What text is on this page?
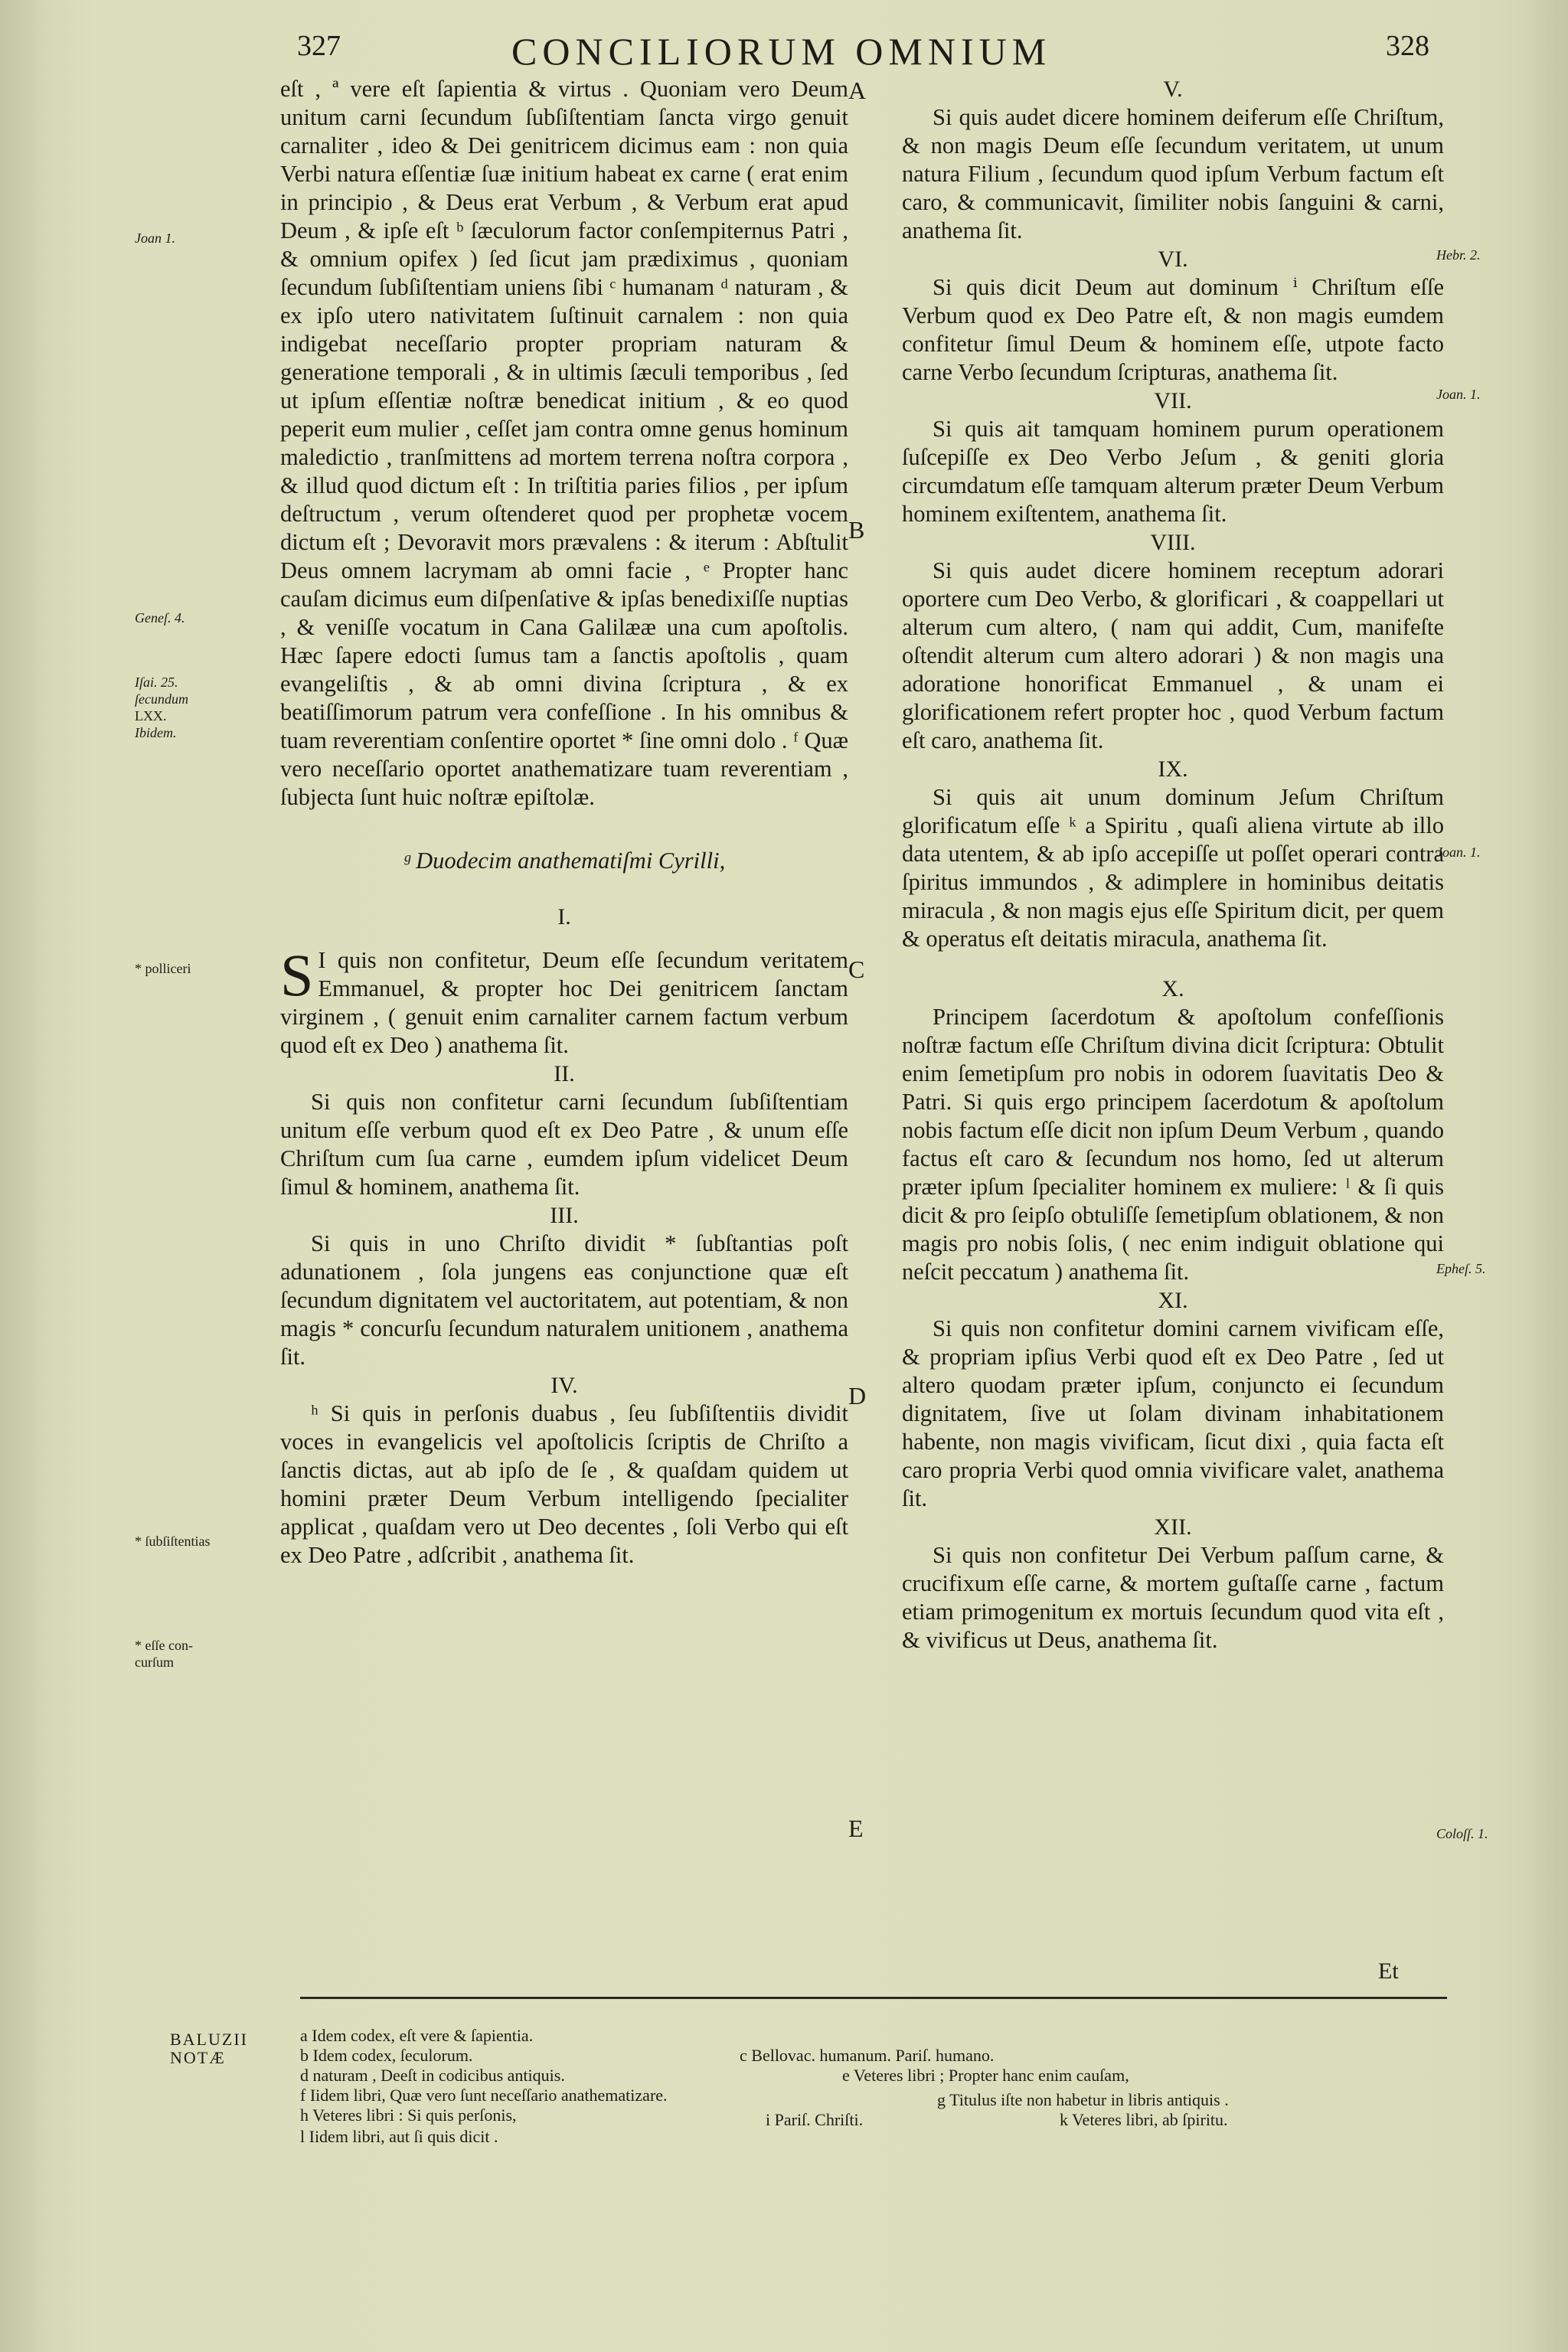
327	CONCILIORUM OMNIUM	328

eſt , ª vere eſt ſapientia & virtus . Quoniam vero Deum unitum carni ſecundum ſubſiſtentiam ſancta virgo genuit carnaliter , ideo & Dei genitricem dicimus eam : non quia Verbi natura eſſentiæ ſuæ initium habeat ex carne ( erat enim in principio , & Deus erat Verbum , & Verbum erat apud Deum , & ipſe eſt ᵇ ſæculorum factor conſempiternus Patri , & omnium opifex ) ſed ſicut jam prædiximus , quoniam ſecundum ſubſiſtentiam uniens ſibi ᶜ humanam ᵈ naturam , & ex ipſo utero nativitatem ſuſtinuit carnalem : non quia indigebat neceſſario propter propriam naturam & generatione temporali , & in ultimis ſæculi temporibus , ſed ut ipſum eſſentiæ noſtræ benedicat initium , & eo quod peperit eum mulier , ceſſet jam contra omne genus hominum maledictio , tranſmittens ad mortem terrena noſtra corpora , & illud quod dictum eſt : In triſtitia paries filios , per ipſum deſtructum , verum oſtenderet quod per prophetæ vocem dictum eſt ; Devoravit mors prævalens : & iterum : Abſtulit Deus omnem lacrymam ab omni facie , ᵉ Propter hanc cauſam dicimus eum diſpenſative & ipſas benedixiſſe nuptias , & veniſſe vocatum in Cana Galilææ una cum apoſtolis. Hæc ſapere edocti ſumus tam a ſanctis apoſtolis , quam evangeliſtis , & ab omni divina ſcriptura , & ex beatiſſimorum patrum vera confeſſione . In his omnibus & tuam reverentiam conſentire oportet * ſine omni dolo . ᶠ Quæ vero neceſſario oportet anathematizare tuam reverentiam , ſubjecta ſunt huic noſtræ epiſtolæ.

ᵍ Duodecim anathematiſmi Cyrilli,

I.

S I quis non confitetur, Deum eſſe ſecundum veritatem Emmanuel, & propter hoc Dei genitricem ſanctam virginem , ( genuit enim carnaliter carnem factum verbum quod eſt ex Deo ) anathema ſit.

II.

Si quis non confitetur carni ſecundum ſubſiſtentiam unitum eſſe verbum quod eſt ex Deo Patre , & unum eſſe Chriſtum cum ſua carne , eumdem ipſum videlicet Deum ſimul & hominem, anathema ſit.

III.

Si quis in uno Chriſto dividit * ſubſtantias poſt adunationem , ſola jungens eas conjunctione quæ eſt ſecundum dignitatem vel auctoritatem, aut potentiam, & non magis * concurſu ſecundum naturalem unitionem , anathema ſit.

IV.

ʰ Si quis in perſonis duabus , ſeu ſubſiſtentiis dividit voces in evangelicis vel apoſtolicis ſcriptis de Chriſto a ſanctis dictas, aut ab ipſo de ſe , & quaſdam quidem ut homini præter Deum Verbum intelligendo ſpecialiter applicat , quaſdam vero ut Deo decentes , ſoli Verbo qui eſt ex Deo Patre , adſcribit , anathema ſit.

V.

Si quis audet dicere hominem deiferum eſſe Chriſtum, & non magis Deum eſſe ſecundum veritatem, ut unum natura Filium , ſecundum quod ipſum Verbum factum eſt caro, & communicavit, ſimiliter nobis ſanguini & carni, anathema ſit.

VI.

Si quis dicit Deum aut dominum ⁱ Chriſtum eſſe Verbum quod ex Deo Patre eſt, & non magis eumdem confitetur ſimul Deum & hominem eſſe, utpote facto carne Verbo ſecundum ſcripturas, anathema ſit.

VII.

Si quis ait tamquam hominem purum operationem ſuſcepiſſe ex Deo Verbo Jeſum , & geniti gloria circumdatum eſſe tamquam alterum præter Deum Verbum hominem exiſtentem, anathema ſit.

VIII.

Si quis audet dicere hominem receptum adorari oportere cum Deo Verbo, & glorificari , & coappellari ut alterum cum altero, ( nam qui addit, Cum, manifeſte oſtendit alterum cum altero adorari ) & non magis una adoratione honorificat Emmanuel , & unam ei glorificationem refert propter hoc , quod Verbum factum eſt caro, anathema ſit.

IX.

Si quis ait unum dominum Jeſum Chriſtum glorificatum eſſe ᵏ a Spiritu , quaſi aliena virtute ab illo data utentem, & ab ipſo accepiſſe ut poſſet operari contra ſpiritus immundos , & adimplere in hominibus deitatis miracula , & non magis ejus eſſe Spiritum dicit, per quem & operatus eſt deitatis miracula, anathema ſit.

X.

Principem ſacerdotum & apoſtolum confeſſionis noſtræ factum eſſe Chriſtum divina dicit ſcriptura: Obtulit enim ſemetipſum pro nobis in odorem ſuavitatis Deo & Patri. Si quis ergo principem ſacerdotum & apoſtolum nobis factum eſſe dicit non ipſum Deum Verbum , quando factus eſt caro & ſecundum nos homo, ſed ut alterum præter ipſum ſpecialiter hominem ex muliere: ˡ & ſi quis dicit & pro ſeipſo obtuliſſe ſemetipſum oblationem, & non magis pro nobis ſolis, ( nec enim indiguit oblatione qui neſcit peccatum ) anathema ſit.

XI.

Si quis non confitetur domini carnem vivificam eſſe, & propriam ipſius Verbi quod eſt ex Deo Patre , ſed ut altero quodam præter ipſum, conjuncto ei ſecundum dignitatem, ſive ut ſolam divinam inhabitationem habente, non magis vivificam, ſicut dixi , quia facta eſt caro propria Verbi quod omnia vivificare valet, anathema ſit.

XII.

Si quis non confitetur Dei Verbum paſſum carne, & crucifixum eſſe carne, & mortem guſtaſſe carne , factum etiam primogenitum ex mortuis ſecundum quod vita eſt , & vivificus ut Deus, anathema ſit.

A
B
C
D
E
Joan 1.
Geneſ. 4.
Iſai. 25.
ſecundum
LXX.
Ibidem.
* polliceri
* ſubſiſtentias
* eſſe con-
curſum
Hebr. 2.
Joan. 1.
Joan. 1.
Epheſ. 5.
Coloſſ. 1.
Et
BALUZII
NOTÆ
a Idem codex, eſt vere & ſapientia.
b Idem codex, ſeculorum.	c Bellovac. humanum. Pariſ. humano.
d naturam , Deeſt in codicibus antiquis.	e Veteres libri ; Propter hanc enim cauſam,
f Iidem libri, Quæ vero ſunt neceſſario anathematizare.	g Titulus iſte non habetur in libris antiquis .
h Veteres libri : Si quis perſonis,	i Pariſ. Chriſti.	k Veteres libri, ab ſpiritu.
l Iidem libri, aut ſi quis dicit .
